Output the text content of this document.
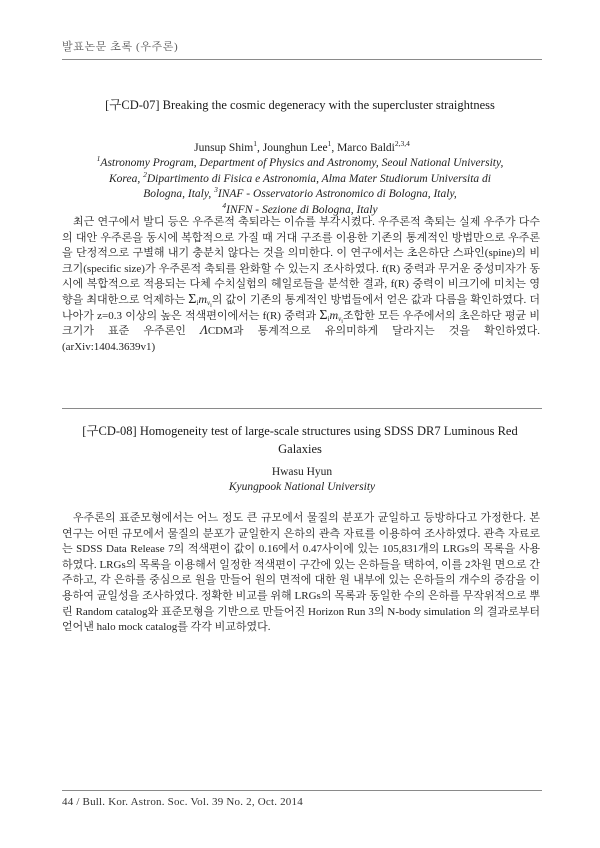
발표논문 초록 (우주론)
[구CD-07] Breaking the cosmic degeneracy with the supercluster straightness
Junsup Shim$^1$, Jounghun Lee$^1$, Marco Baldi$^{2,3,4}$
$^1$Astronomy Program, Department of Physics and Astronomy, Seoul National University, Korea, $^2$Dipartimento di Fisica e Astronomia, Alma Mater Studiorum Universita di Bologna, Italy, $^3$INAF - Osservatorio Astronomico di Bologna, Italy,
$^4$INFN - Sezione di Bologna, Italy

최근 연구에서 발디 등은 우주론적 축퇴라는 이슈를 부각시켰다. 우주론적 축퇴는 실제 우주가 다수의 대안 우주론을 동시에 복합적으로 가질 때 거대 구조를 이용한 기존의 통계적인 방법만으로 우주론을 단정적으로 구별해 내기 충분치 않다는 것을 의미한다. 이 연구에서는 초은하단 스파인(spine)의 비크기(specific size)가 우주론적 축퇴를 완화할 수 있는지 조사하였다. f(R) 중력과 무거운 중성미자가 동시에 복합적으로 적용되는 다체 수치실험의 헤일로들을 분석한 결과, f(R) 중력이 비크기에 미치는 영향을 최대한으로 억제하는 $\Sigma_im_{\nu_i}$의 값이 기존의 통계적인 방법들에서 얻은 값과 다름을 확인하였다. 더 나아가 z=0.3 이상의 높은 적색편이에서는 f(R) 중력과 $\Sigma_im_{\nu_i}$조합한 모든 우주에서의 초은하단 평균 비크기가 표준 우주론인 ΛCDM과 통계적으로 유의미하게 달라지는 것을 확인하였다. (arXiv:1404.3639v1)

[구CD-08] Homogeneity test of large-scale structures using SDSS DR7 Luminous Red Galaxies
Hwasu Hyun
Kyungpook National University

우주론의 표준모형에서는 어느 정도 큰 규모에서 물질의 분포가 균일하고 등방하다고 가정한다. 본 연구는 어떤 규모에서 물질의 분포가 균일한지 은하의 관측 자료를 이용하여 조사하였다. 관측 자료로는 SDSS Data Release 7의 적색편이 값이 0.16에서 0.47사이에 있는 105,831개의 LRGs의 목록을 사용하였다. LRGs의 목록을 이용해서 일정한 적색편이 구간에 있는 은하들을 택하여, 이를 2차원 면으로 간주하고, 각 은하를 중심으로 원을 만들어 원의 면적에 대한 원 내부에 있는 은하들의 개수의 증감을 이용하여 균일성을 조사하였다. 정확한 비교를 위해 LRGs의 목록과 동일한 수의 은하를 무작위적으로 뿌린 Random catalog와 표준모형을 기반으로 만들어진 Horizon Run 3의 N-body simulation 의 결과로부터 얻어낸 halo mock catalog를 각각 비교하였다.

44 / Bull. Kor. Astron. Soc. Vol. 39 No. 2, Oct. 2014
